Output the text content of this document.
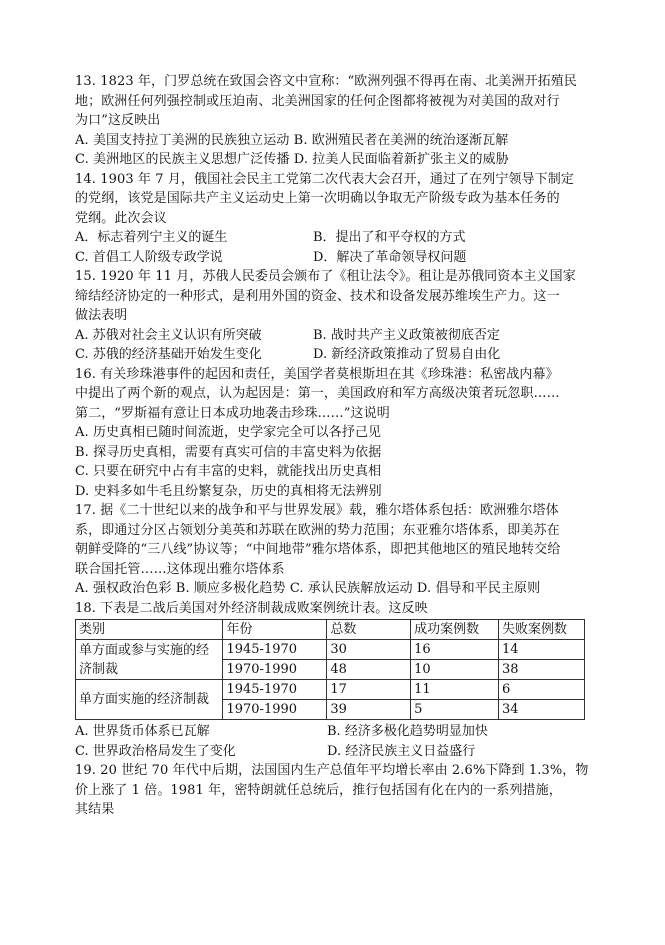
13. 1823 年，门罗总统在致国会咨文中宣称：“欧洲列强不得再在南、北美洲开拓殖民
地；欧洲任何列强控制或压迫南、北美洲国家的任何企图都将被视为对美国的敌对行
为口”这反映出
A. 美国支持拉丁美洲的民族独立运动 B. 欧洲殖民者在美洲的统治逐渐瓦解
C. 美洲地区的民族主义思想广泛传播 D. 拉美人民面临着新扩张主义的威胁
14. 1903 年 7 月，俄国社会民主工党第二次代表大会召开，通过了在列宁领导下制定
的党纲，该党是国际共产主义运动史上第一次明确以争取无产阶级专政为基本任务的
党纲。此次会议
A．标志着列宁主义的诞生	B．提出了和平夺权的方式
C. 首倡工人阶级专政学说	D．解决了革命领导权问题
15. 1920 年 11 月，苏俄人民委员会颁布了《租让法令》。租让是苏俄同资本主义国家
缔结经济协定的一种形式，是利用外国的资金、技术和设备发展苏维埃生产力。这一
做法表明
A. 苏俄对社会主义认识有所突破	B. 战时共产主义政策被彻底否定
C. 苏俄的经济基础开始发生变化	D. 新经济政策推动了贸易自由化
16. 有关珍珠港事件的起因和责任，美国学者莫根斯坦在其《珍珠港：私密战内幕》
中提出了两个新的观点，认为起因是：第一，美国政府和军方高级决策者玩忽职……
第二，“罗斯福有意让日本成功地袭击珍珠……”这说明
A. 历史真相已随时间流逝，史学家完全可以各抒己见
B. 探寻历史真相，需要有真实可信的丰富史料为依据
C. 只要在研究中占有丰富的史料，就能找出历史真相
D. 史料多如牛毛且纷繁复杂，历史的真相将无法辨别
17. 据《二十世纪以来的战争和平与世界发展》载，雅尔塔体系包括：欧洲雅尔塔体
系，即通过分区占领划分美英和苏联在欧洲的势力范围；东亚雅尔塔体系，即美苏在
朝鲜受降的“三八线”协议等；“中间地带”雅尔塔体系，即把其他地区的殖民地转交给
联合国托管……这体现出雅尔塔体系
A. 强权政治色彩 B. 顺应多极化趋势 C. 承认民族解放运动 D. 倡导和平民主原则
18. 下表是二战后美国对外经济制裁成败案例统计表。这反映
类别	年份	总数	成功案例数	失败案例数
单方面或参与实施的经济制裁	1945-1970	30	16	14
	1970-1990	48	10	38
单方面实施的经济制裁	1945-1970	17	11	6
	1970-1990	39	5	34
A. 世界货币体系已瓦解	B. 经济多极化趋势明显加快
C. 世界政治格局发生了变化	D. 经济民族主义日益盛行
19. 20 世纪 70 年代中后期，法国国内生产总值年平均增长率由 2.6%下降到 1.3%，物
价上涨了 1 倍。1981 年，密特朗就任总统后，推行包括国有化在内的一系列措施，
其结果
